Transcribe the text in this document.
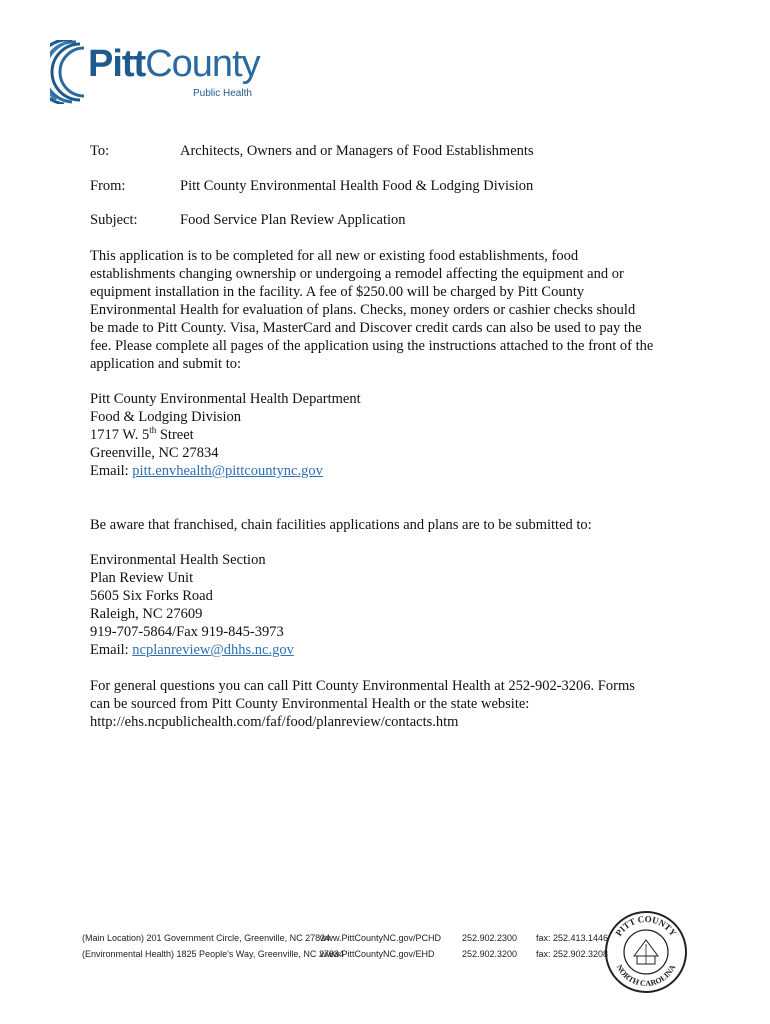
PittCounty
Public Health
To:	Architects, Owners and or Managers of Food Establishments
From:	Pitt County Environmental Health Food & Lodging Division
Subject:	Food Service Plan Review Application
This application is to be completed for all new or existing food establishments, food
establishments changing ownership or undergoing a remodel affecting the equipment and or
equipment installation in the facility. A fee of $250.00 will be charged by Pitt County
Environmental Health for evaluation of plans. Checks, money orders or cashier checks should
be made to Pitt County. Visa, MasterCard and Discover credit cards can also be used to pay the
fee. Please complete all pages of the application using the instructions attached to the front of the
application and submit to:
Pitt County Environmental Health Department
Food & Lodging Division
1717 W. 5th Street
Greenville, NC 27834
Email: pitt.envhealth@pittcountync.gov
Be aware that franchised, chain facilities applications and plans are to be submitted to:
Environmental Health Section
Plan Review Unit
5605 Six Forks Road
Raleigh, NC 27609
919-707-5864/Fax 919-845-3973
Email: ncplanreview@dhhs.nc.gov
For general questions you can call Pitt County Environmental Health at 252-902-3206. Forms
can be sourced from Pitt County Environmental Health or the state website:
http://ehs.ncpublichealth.com/faf/food/planreview/contacts.htm
(Main Location) 201 Government Circle, Greenville, NC 27834
www.PittCountyNC.gov/PCHD 252.902.2300 fax: 252.413.1446
(Environmental Health) 1825 People's Way, Greenville, NC 27834
www.PittCountyNC.gov/EHD	252.902.3200 fax: 252.902.3208
PITT COUNTY
NORTH CAROLINA
